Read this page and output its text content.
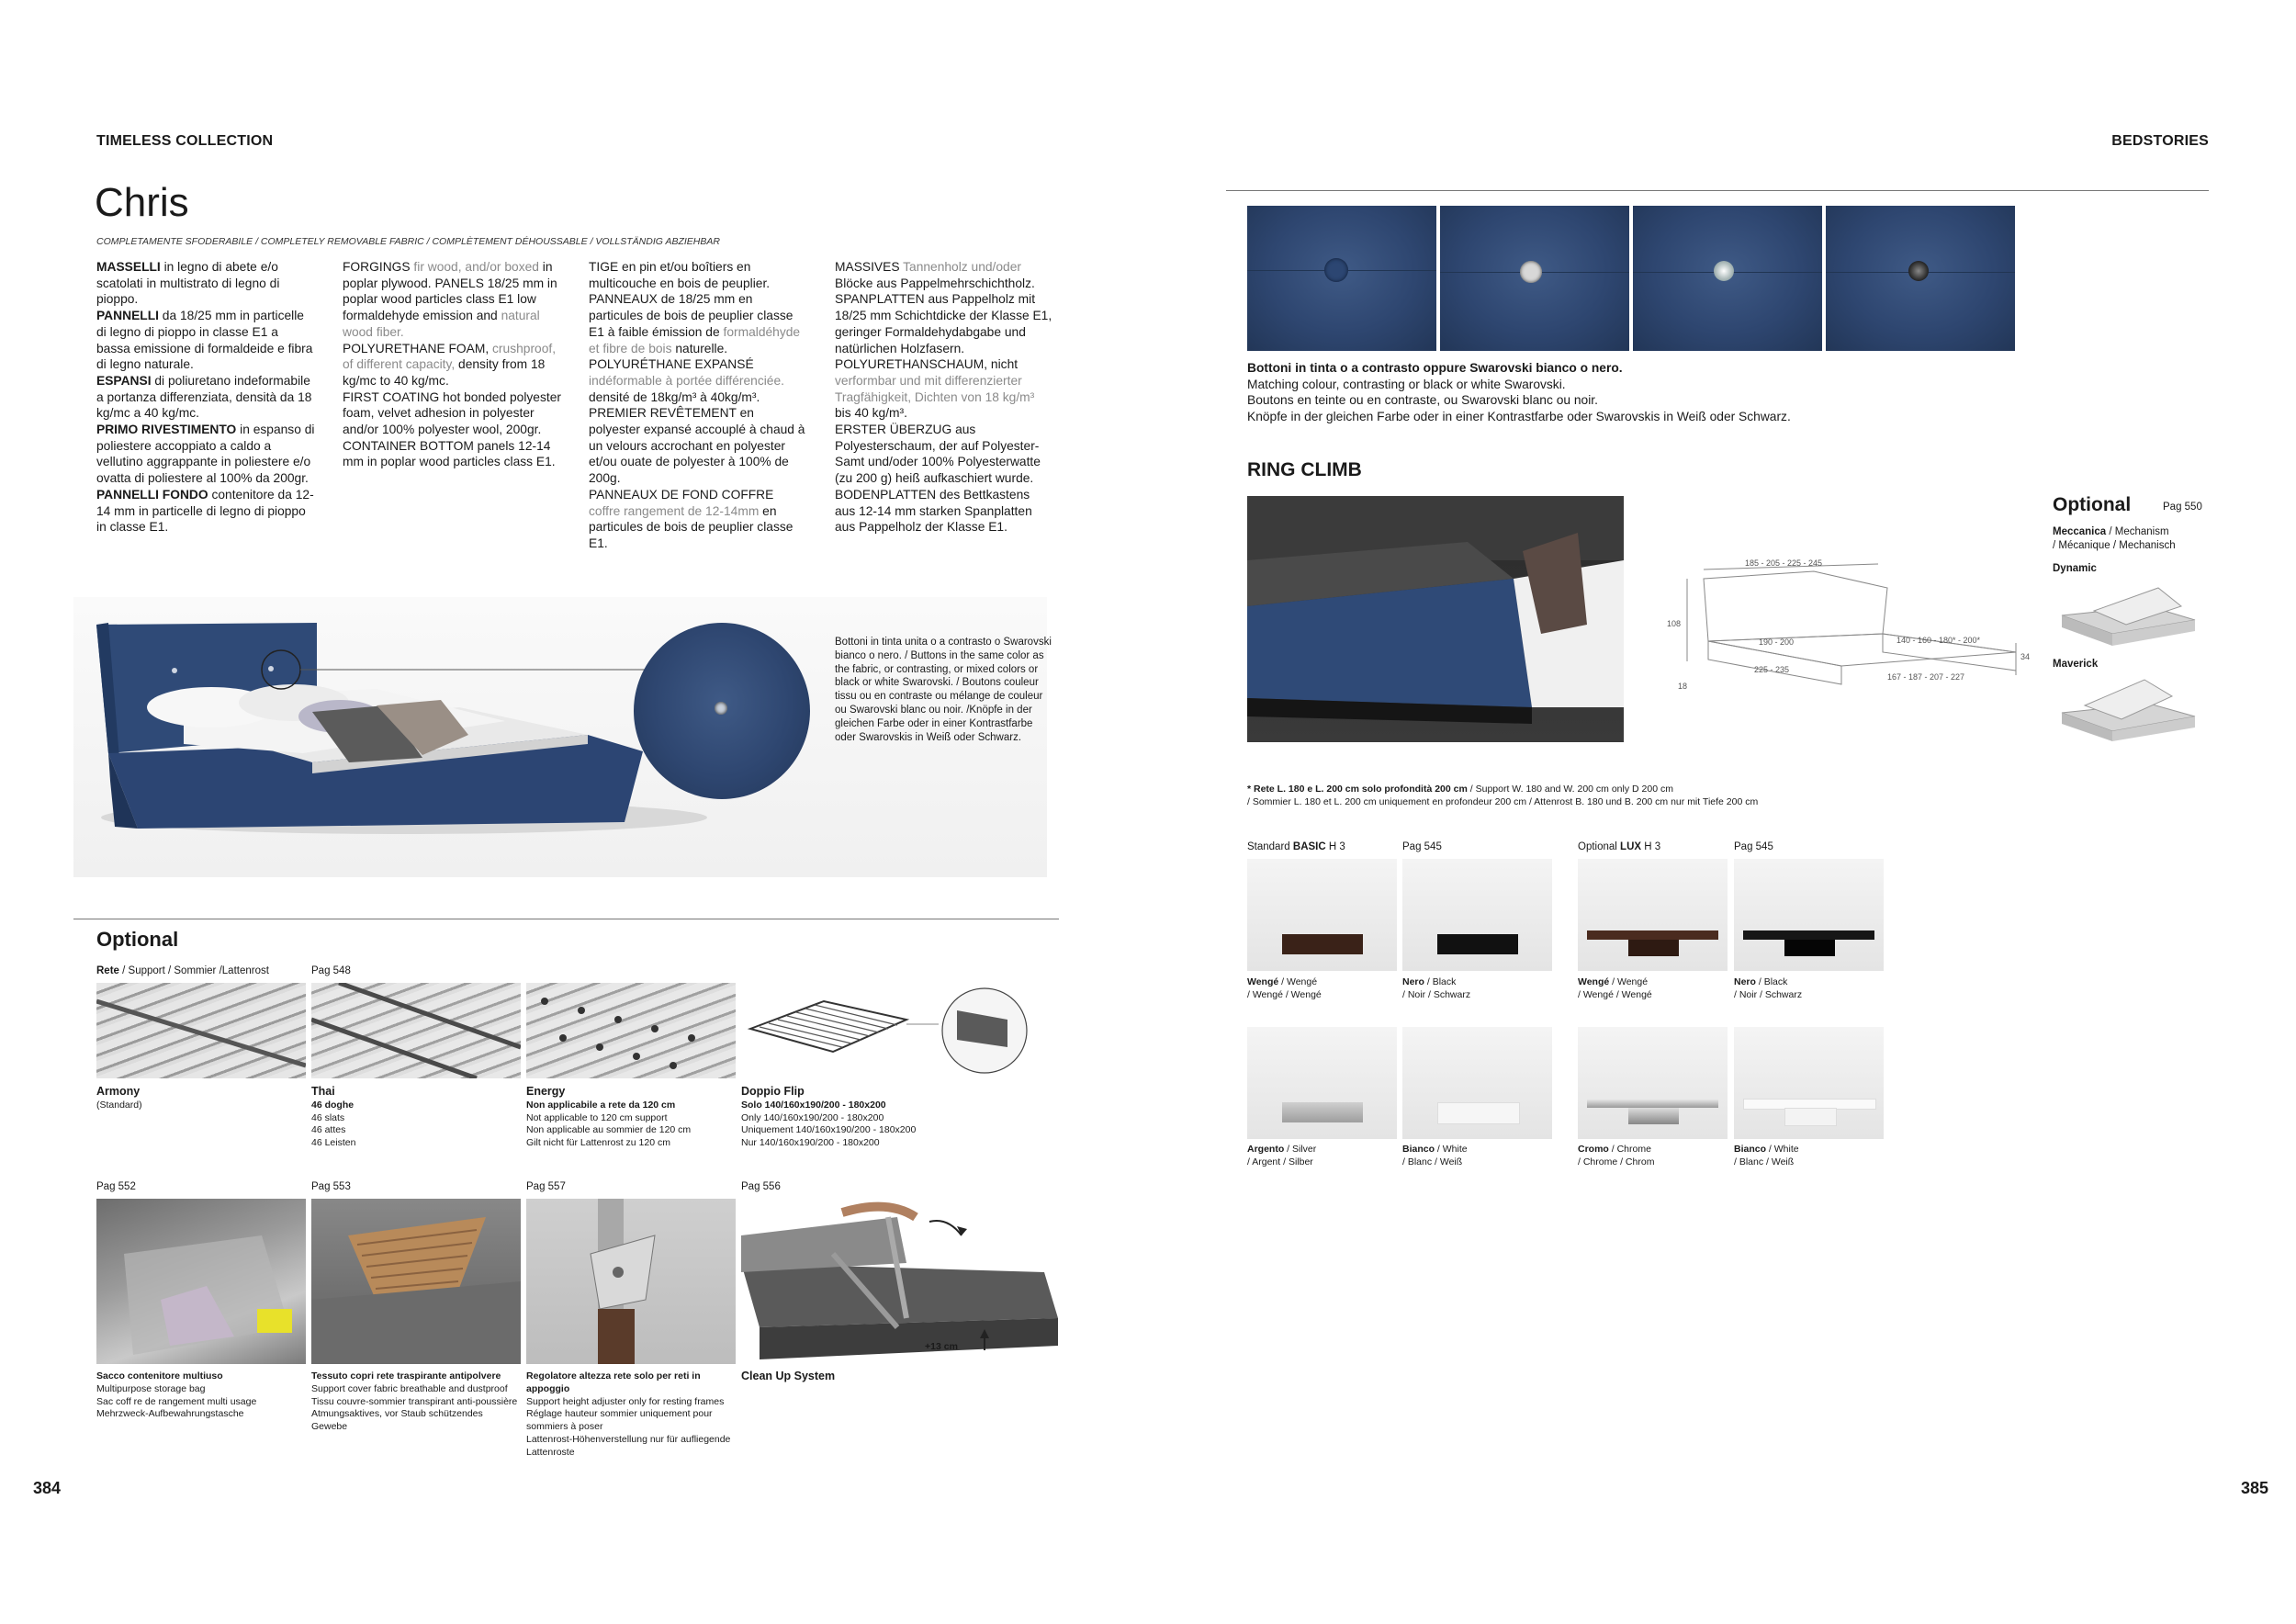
TIMELESS COLLECTION
Chris
COMPLETAMENTE SFODERABILE / COMPLETELY REMOVABLE FABRIC / COMPLÈTEMENT DÉHOUSSABLE / VOLLSTÄNDIG ABZIEHBAR
MASSELLI in legno di abete e/o scatolati in multistrato di legno di pioppo.
PANNELLI da 18/25 mm in particelle di legno di pioppo in classe E1 a bassa emissione di formaldeide e fibra di legno naturale.
ESPANSI di poliuretano indeformabile a portanza differenziata, densità da 18 kg/mc a 40 kg/mc.
PRIMO RIVESTIMENTO in espanso di poliestere accoppiato a caldo a vellutino aggrappante in poliestere e/o ovatta di poliestere al 100% da 200gr.
PANNELLI FONDO contenitore da 12-14 mm in particelle di legno di pioppo in classe E1.
FORGINGS fir wood, and/or boxed in poplar plywood. PANELS 18/25 mm in poplar wood particles class E1 low formaldehyde emission and natural wood fiber.
POLYURETHANE FOAM, crushproof, of different capacity, density from 18 kg/mc to 40 kg/mc.
FIRST COATING hot bonded polyester foam, velvet adhesion in polyester and/or 100% polyester wool, 200gr.
CONTAINER BOTTOM panels 12-14 mm in poplar wood particles class E1.
TIGE en pin et/ou boîtiers en multicouche en bois de peuplier. PANNEAUX de 18/25 mm en particules de bois de peuplier classe E1 à faible émission de formaldéhyde et fibre de bois naturelle.
POLYURÉTHANE EXPANSÉ indéformable à portée différenciée. densité de 18kg/m³ à 40kg/m³.
PREMIER REVÊTEMENT en polyester expansé accouplé à chaud à un velours accrochant en polyester et/ou ouate de polyester à 100% de 200g.
PANNEAUX DE FOND COFFRE coffre rangement de 12-14mm en particules de bois de peuplier classe E1.
MASSIVES Tannenholz und/oder Blöcke aus Pappelmehrschichtholz. SPANPLATTEN aus Pappelholz mit 18/25 mm Schichtdicke der Klasse E1, geringer Formaldehydabgabe und natürlichen Holzfasern. POLYURETHANSCHAUM, nicht verformbar und mit differenzierter Tragfähigkeit, Dichten von 18 kg/m³ bis 40 kg/m³.
ERSTER ÜBERZUG aus Polyesterschaum, der auf Polyester-Samt und/oder 100% Polyesterwatte (zu 200 g) heiß aufkaschiert wurde.
BODENPLATTEN des Bettkastens aus 12-14 mm starken Spanplatten aus Pappelholz der Klasse E1.
Bottoni in tinta unita o a contrasto o Swarovski bianco o nero. / Buttons in the same color as the fabric, or contrasting, or mixed colors or black or white Swarovski. / Boutons couleur tissu ou en contraste ou mélange de couleur ou Swarovski blanc ou noir. /Knöpfe in der gleichen Farbe oder in einer Kontrastfarbe oder Swarovskis in Weiß oder Schwarz.
Optional
Rete / Support / Sommier /Lattenrost	Pag 548
Armony
(Standard)
Thai
46 doghe
46 slats
46 attes
46 Leisten
Energy
Non applicabile a rete da 120 cm
Not applicable to 120 cm support
Non applicable au sommier de 120 cm
Gilt nicht für Lattenrost zu 120 cm
Doppio Flip
Solo 140/160x190/200 - 180x200
Only 140/160x190/200 - 180x200
Uniquement 140/160x190/200 - 180x200
Nur 140/160x190/200 - 180x200
Pag 552	Pag 553	Pag 557	Pag 556
+13 cm
Sacco contenitore multiuso
Multipurpose storage bag
Sac coff re de rangement multi usage
Mehrzweck-Aufbewahrungstasche
Tessuto copri rete traspirante antipolvere
Support cover fabric breathable and dustproof
Tissu couvre-sommier transpirant anti-poussière
Atmungsaktives, vor Staub schützendes Gewebe
Regolatore altezza rete solo per reti in appoggio
Support height adjuster only for resting frames
Réglage hauteur sommier uniquement pour sommiers à poser
Lattenrost-Höhenverstellung nur für aufliegende Lattenroste
Clean Up System
384
BEDSTORIES
Bottoni in tinta o a contrasto oppure Swarovski bianco o nero.
Matching colour, contrasting or black or white Swarovski.
Boutons en teinte ou en contraste, ou Swarovski blanc ou noir.
Knöpfe in der gleichen Farbe oder in einer Kontrastfarbe oder Swarovskis in Weiß oder Schwarz.
RING CLIMB
185 - 205 - 225 - 245
108
18
34
190 - 200	140 - 160 - 180* - 200*
225 - 235
167 - 187 - 207 - 227
Optional	Pag 550
Meccanica / Mechanism
/ Mécanique / Mechanisch
Dynamic
Maverick
* Rete L. 180 e L. 200 cm solo profondità 200 cm / Support W. 180 and W. 200 cm only D 200 cm
/ Sommier L. 180 et L. 200 cm uniquement en profondeur 200 cm / Attenrost B. 180 und B. 200 cm nur mit Tiefe 200 cm
Standard BASIC H 3	Pag 545	Optional LUX H 3	Pag 545
Wengé / Wengé
/ Wengé / Wengé
Nero / Black
/ Noir / Schwarz
Wengé / Wengé
/ Wengé / Wengé
Nero / Black
/ Noir / Schwarz
Argento / Silver
/ Argent / Silber
Bianco / White
/ Blanc / Weiß
Cromo / Chrome
/ Chrome / Chrom
Bianco / White
/ Blanc / Weiß
385
